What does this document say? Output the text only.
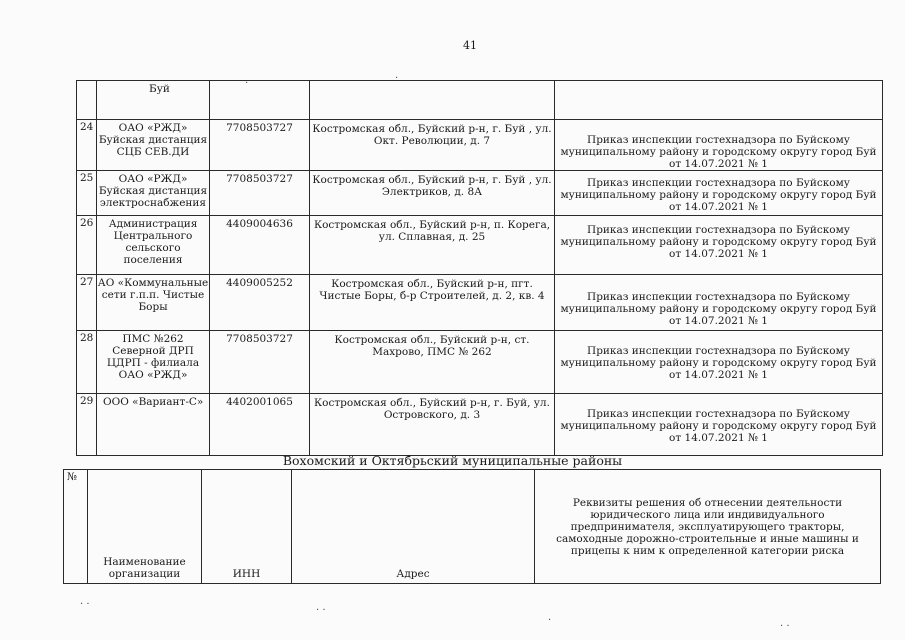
41
	Буй			
24	ОАО «РЖД» Буйская дистанция СЦБ СЕВ.ДИ	7708503727	Костромская обл., Буйский р-н, г. Буй , ул. Окт. Революции, д. 7	Приказ инспекции гостехнадзора по Буйскому муниципальному району и городскому округу город Буй от 14.07.2021 № 1
25	ОАО «РЖД» Буйская дистанция электроснабжения	7708503727	Костромская обл., Буйский р-н, г. Буй , ул. Электриков, д. 8А	Приказ инспекции гостехнадзора по Буйскому муниципальному району и городскому округу город Буй от 14.07.2021 № 1
26	Администрация Центрального сельского поселения	4409004636	Костромская обл., Буйский р-н, п. Корега, ул. Сплавная, д. 25	Приказ инспекции гостехнадзора по Буйскому муниципальному району и городскому округу город Буй от 14.07.2021 № 1
27	АО «Коммунальные сети г.п.п. Чистые Боры	4409005252	Костромская обл., Буйский р-н, пгт. Чистые Боры, б-р Строителей, д. 2, кв. 4	Приказ инспекции гостехнадзора по Буйскому муниципальному району и городскому округу город Буй от 14.07.2021 № 1
28	ПМС №262 Северной ДРП ЦДРП - филиала ОАО «РЖД»	7708503727	Костромская обл., Буйский р-н, ст. Махрово, ПМС № 262	Приказ инспекции гостехнадзора по Буйскому муниципальному району и городскому округу город Буй от 14.07.2021 № 1
29	ООО «Вариант-С»	4402001065	Костромская обл., Буйский р-н, г. Буй, ул. Островского, д. 3	Приказ инспекции гостехнадзора по Буйскому муниципальному району и городскому округу город Буй от 14.07.2021 № 1
Вохомский и Октябрьский муниципальные районы
№	Наименование организации	ИНН	Адрес	Реквизиты решения об отнесении деятельности юридического лица или индивидуального предпринимателя, эксплуатирующего тракторы, самоходные дорожно-строительные и иные машины и прицепы к ним к определенной категории риска
. .
. .
.
. .
.
.
